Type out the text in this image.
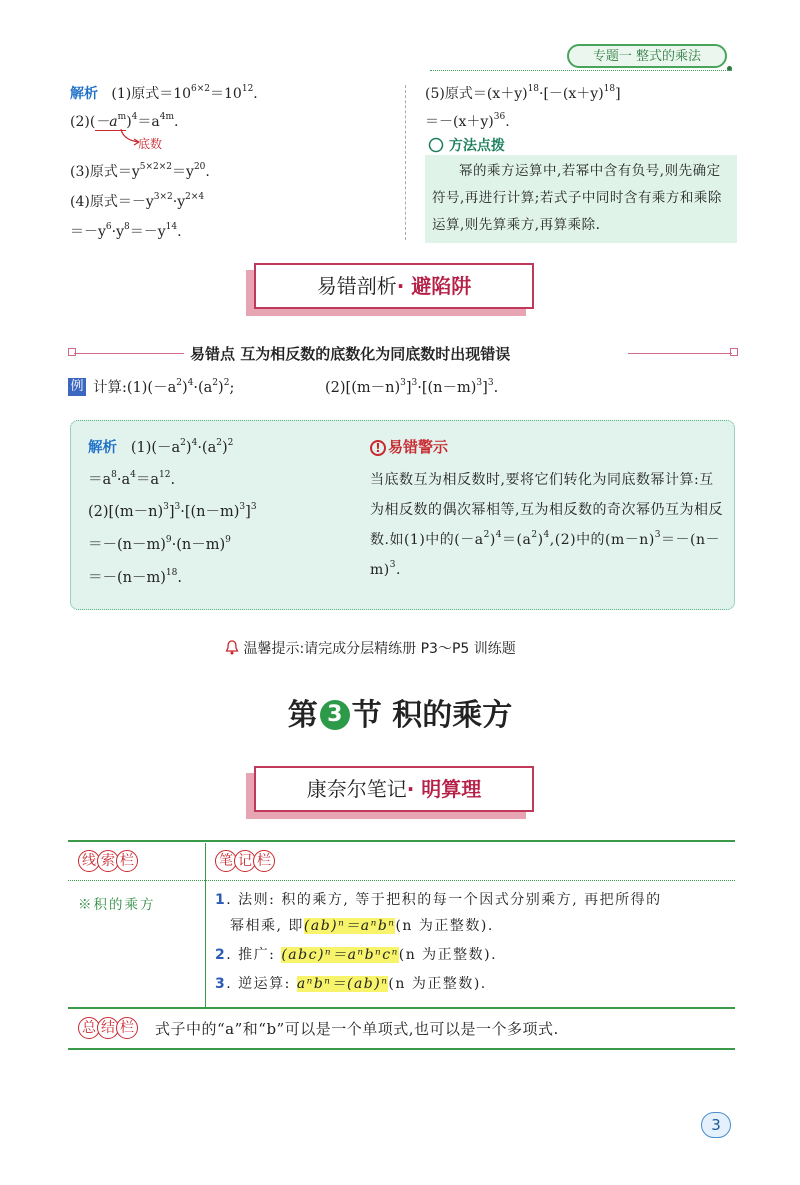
专题一 整式的乘法
解析 (1)原式$=10^{6\times 2}=10^{12}$.
$(2)(-a^m)^4=a^{4m}$.
底数
(3)原式$=y^{5\times 2\times 2}=y^{20}$.
(4)原式$=-y^{3\times 2}\cdot y^{2\times 4}$
$=-y^6\cdot y^8=-y^{14}$.
(5)原式$=(x+y)^{18}\cdot[-(x+y)^{18}]$
$=-(x+y)^{36}$.
方法点拨
幂的乘方运算中,若幂中含有负号,则先确定符号,再进行计算;若式子中同时含有乘方和乘除运算,则先算乘方,再算乘除.
易错剖析· 避陷阱
易错点 互为相反数的底数化为同底数时出现错误
例 计算$:(1)(-a^2)^4\cdot(a^2)^2$;	$(2)[(m-n)^3]^3\cdot[(n-m)^3]^3$.
解析 $(1)(-a^2)^4\cdot(a^2)^2$
$=a^8\cdot a^4=a^{12}$.
$(2)[(m-n)^3]^3\cdot[(n-m)^3]^3$
$=-(n-m)^9\cdot(n-m)^9$
$=-(n-m)^{18}$.
! 易错警示
当底数互为相反数时,要将它们转化为同底数幂计算:互为相反数的偶次幂相等,互为相反数的奇次幂仍互为相反数.如(1)中的$(-a^2)^4=(a^2)^4,(2)$中的$(m-n)^3=-(n-m)^3$.
温馨提示:请完成分层精练册 P3～P5 训练题
第 3 节 积的乘方
康奈尔笔记· 明算理
线 索 栏	笔 记 栏
※积的乘方	1. 法则: 积的乘方, 等于把积的每一个因式分别乘方, 再把所得的
幂相乘, 即(ab)ⁿ＝aⁿbⁿ(n 为正整数).
2. 推广: (abc)ⁿ＝aⁿbⁿcⁿ(n 为正整数).
3. 逆运算: aⁿbⁿ＝(ab)ⁿ(n 为正整数).
总 结 栏 式子中的“a”和“b”可以是一个单项式,也可以是一个多项式.
3
